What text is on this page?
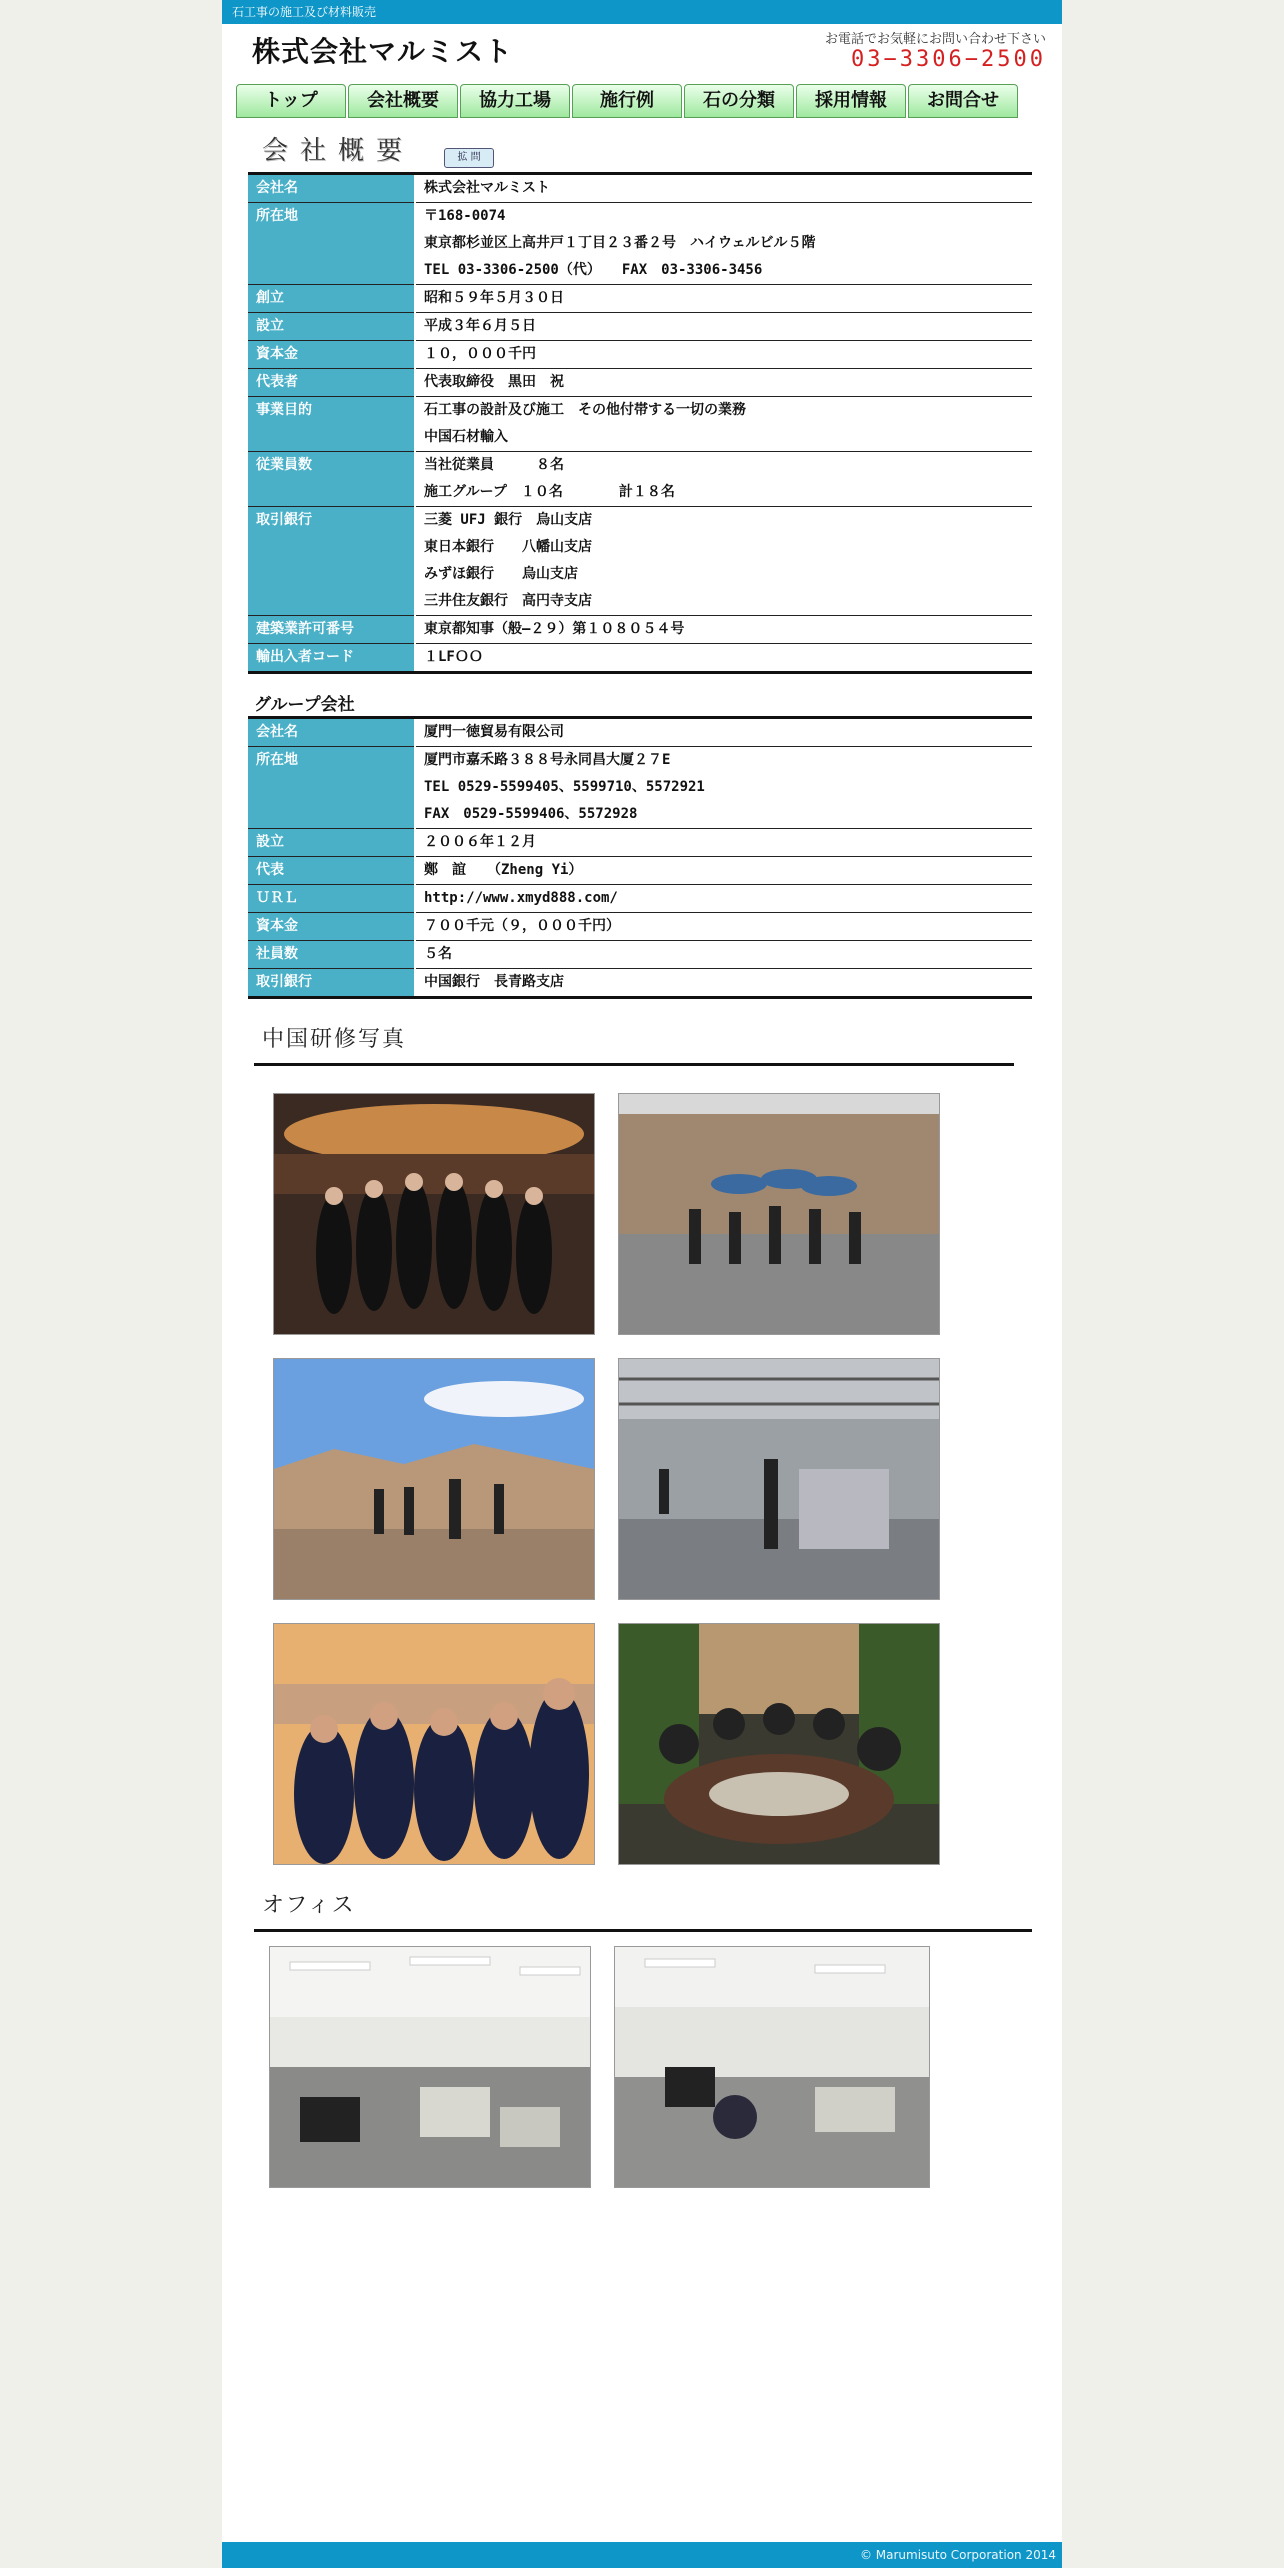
石工事の施工及び材料販売
株式会社マルミスト	お電話でお気軽にお問い合わせ下さい
03−3306−2500
トップ	会社概要	協力工場	施行例	石の分類	採用情報	お問合せ
会社概要	拡 問
会社名	株式会社マルミスト

所在地	〒168-0074
東京都杉並区上高井戸１丁目２３番２号　ハイウェルビル５階
TEL 03-3306-2500（代）　　FAX　03-3306-3456

創立	昭和５９年５月３０日

設立	平成３年６月５日

資本金	１０，０００千円

代表者	代表取締役　黒田　祝

事業目的	石工事の設計及び施工　その他付帯する一切の業務
中国石材輸入

従業員数	当社従業員　　　８名
施工グループ　１０名　　　　計１８名

取引銀行	三菱 UFJ 銀行　烏山支店
東日本銀行　　八幡山支店
みずほ銀行　　烏山支店
三井住友銀行　高円寺支店

建築業許可番号	東京都知事（般―２９）第１０８０５４号

輸出入者コード	１LFＯＯ
グループ会社
会社名	厦門一徳貿易有限公司

所在地	厦門市嘉禾路３８８号永同昌大厦２７E
TEL 0529-5599405、5599710、5572921
FAX　0529-5599406、5572928

設立	２００６年１２月

代表	鄭　誼　　（Zheng Yi）

ＵＲＬ	http://www.xmyd888.com/

資本金	７００千元（９，０００千円）

社員数	５名

取引銀行	中国銀行　長青路支店
中国研修写真
オフィス
© Marumisuto Corporation 2014
